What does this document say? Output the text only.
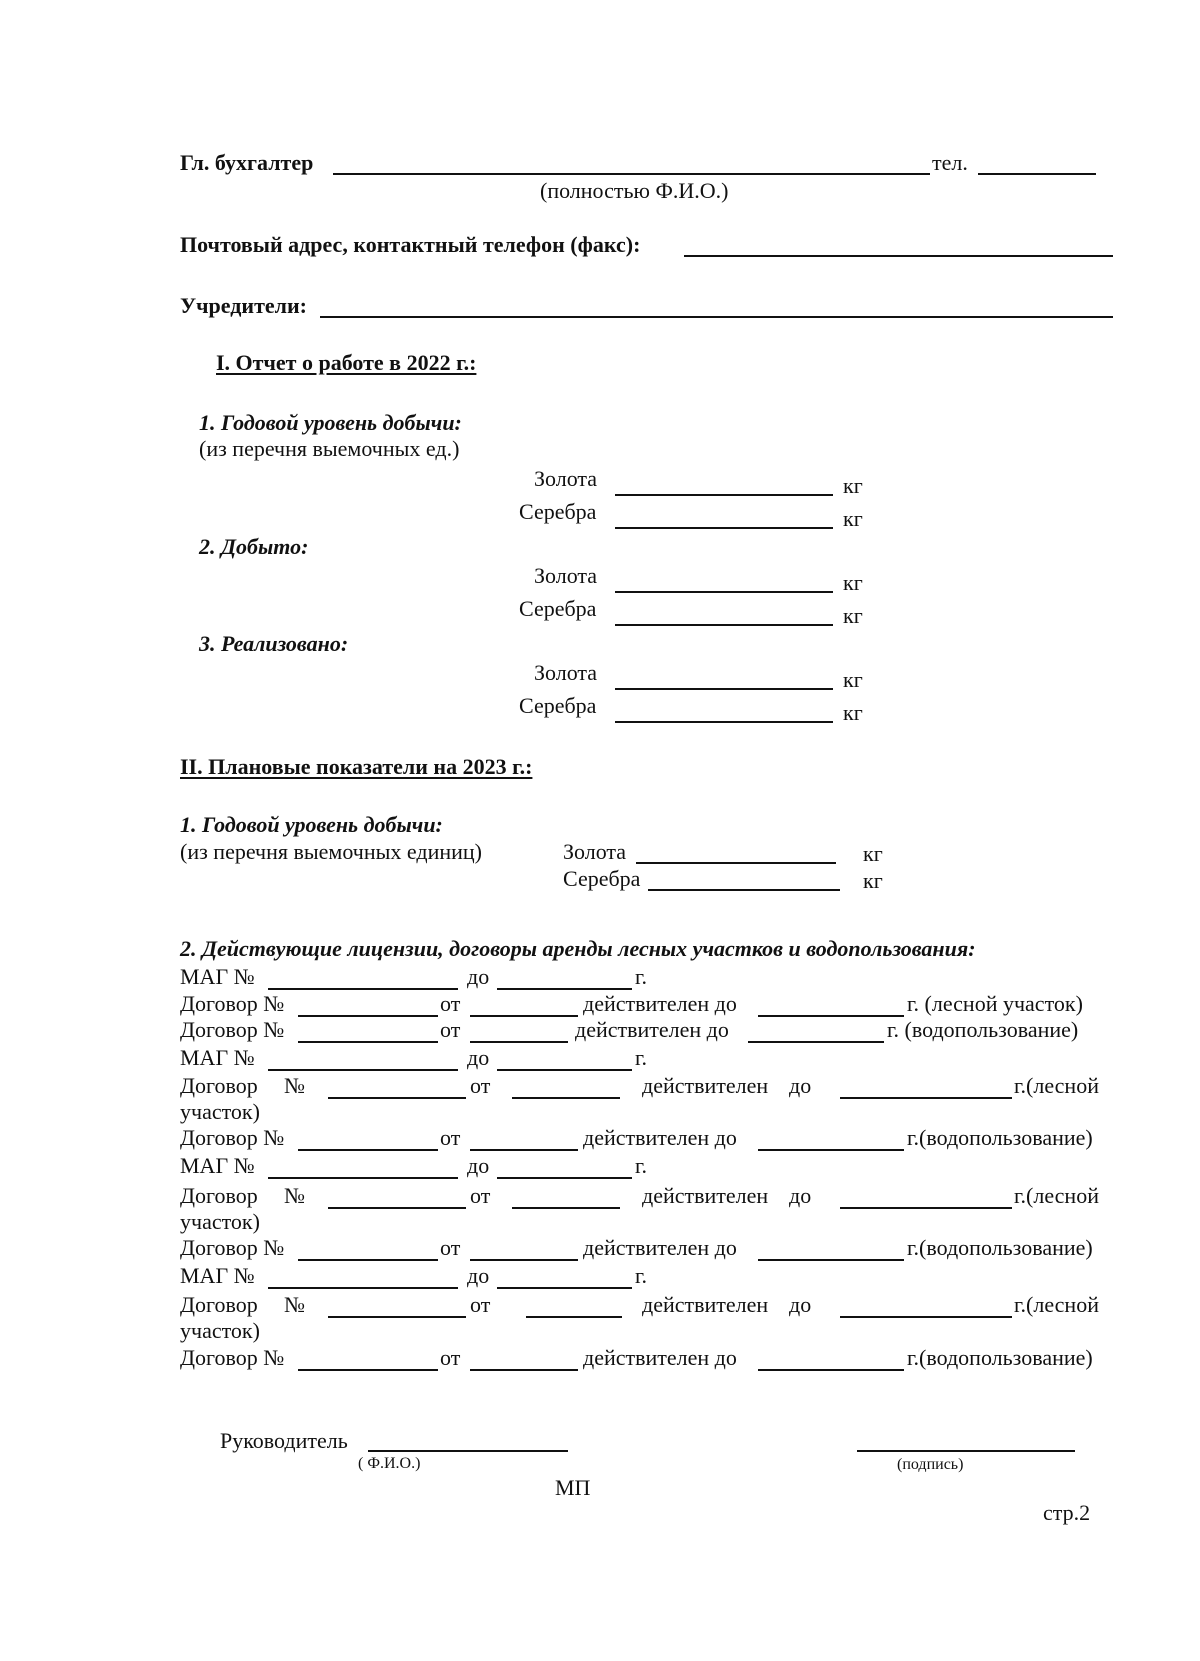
Гл. бухгалтер	тел.
(полностью Ф.И.О.)
Почтовый адрес, контактный телефон (факс):
Учредители:
I. Отчет о работе в 2022 г.:
1. Годовой уровень добычи:
(из перечня выемочных ед.)
Золота	кг
Серебра	кг
2. Добыто:
Золота	кг
Серебра	кг
3. Реализовано:
Золота	кг
Серебра	кг
II. Плановые показатели на 2023 г.:
1. Годовой уровень добычи:
(из перечня выемочных единиц)	Золота	кг
Серебра	кг
2. Действующие лицензии, договоры аренды лесных участков и водопользования:
МАГ №	до	г.
Договор №	от	действителен до	г. (лесной участок)
Договор №	от	действителен до	г. (водопользование)
МАГ №	до	г.
Договор №	от	действителен до	г.(лесной
участок)
Договор №	от	действителен до	г.(водопользование)
МАГ №	до	г.
Договор №	от	действителен до	г.(лесной
участок)
Договор №	от	действителен до	г.(водопользование)
МАГ №	до	г.
Договор №	от	действителен до	г.(лесной
участок)
Договор №	от	действителен до	г.(водопользование)
Руководитель
( Ф.И.О.)	(подпись)
МП
стр.2
